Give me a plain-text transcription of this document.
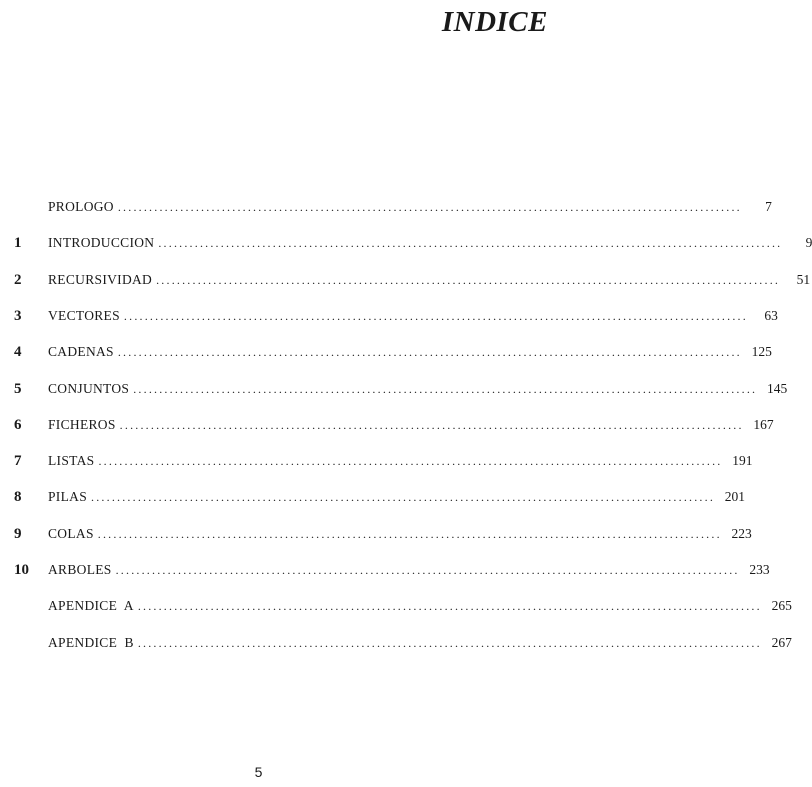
INDICE
PROLOGO ........................................................................................................................	7
1	INTRODUCCION ........................................................................................................................	9
2	RECURSIVIDAD ........................................................................................................................	51
3	VECTORES ........................................................................................................................	63
4	CADENAS ........................................................................................................................ 125
5	CONJUNTOS ........................................................................................................................ 145
6	FICHEROS ........................................................................................................................ 167
7	LISTAS ........................................................................................................................ 191
8	PILAS ........................................................................................................................ 201
9	COLAS ........................................................................................................................ 223
10	ARBOLES ........................................................................................................................ 233
APENDICE  A ........................................................................................................................ 265
APENDICE  B ........................................................................................................................ 267
5
